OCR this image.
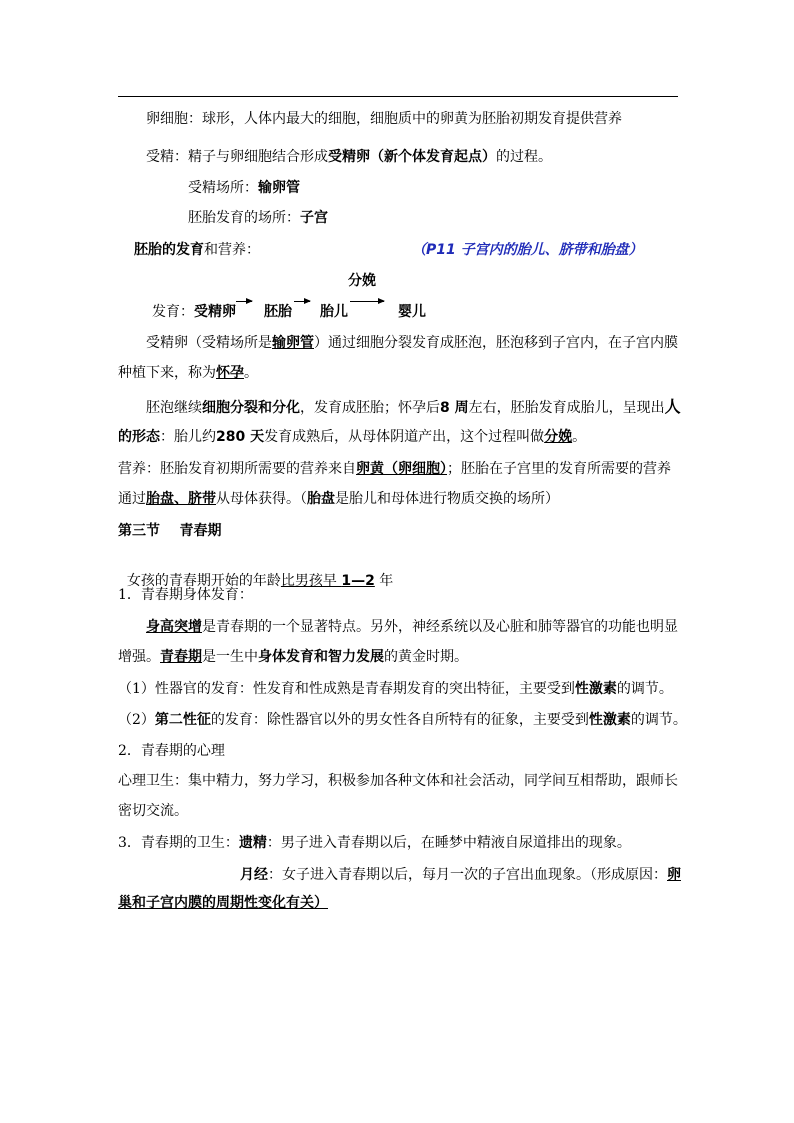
卵细胞：球形，人体内最大的细胞，细胞质中的卵黄为胚胎初期发育提供营养
受精：精子与卵细胞结合形成受精卵（新个体发育起点）的过程。
受精场所：输卵管
胚胎发育的场所：子宫
胚胎的发育和营养：	（P11 子宫内的胎儿、脐带和胎盘）
分娩
发育： 受精卵 胚胎 胎儿	婴儿
受精卵（受精场所是输卵管）通过细胞分裂发育成胚泡，胚泡移到子宫内，在子宫内膜
种植下来，称为怀孕。
胚泡继续细胞分裂和分化，发育成胚胎；怀孕后8 周左右，胚胎发育成胎儿，呈现出人
的形态：胎儿约280 天发育成熟后，从母体阴道产出，这个过程叫做分娩。
营养：胚胎发育初期所需要的营养来自卵黄（卵细胞）；胚胎在子宫里的发育所需要的营养
通过胎盘、脐带从母体获得。（胎盘是胎儿和母体进行物质交换的场所）
第三节    青春期

女孩的青春期开始的年龄比男孩早 1—2 年

1．青春期身体发育：
身高突增是青春期的一个显著特点。另外，神经系统以及心脏和肺等器官的功能也明显
增强。青春期是一生中身体发育和智力发展的黄金时期。
（1）性器官的发育：性发育和性成熟是青春期发育的突出特征，主要受到性激素的调节。
（2）第二性征的发育：除性器官以外的男女性各自所特有的征象，主要受到性激素的调节。
2．青春期的心理
心理卫生：集中精力，努力学习，积极参加各种文体和社会活动，同学间互相帮助，跟师长
密切交流。
3．青春期的卫生：遗精：男子进入青春期以后，在睡梦中精液自尿道排出的现象。
月经：女子进入青春期以后，每月一次的子宫出血现象。（形成原因：卵
巢和子宫内膜的周期性变化有关）
